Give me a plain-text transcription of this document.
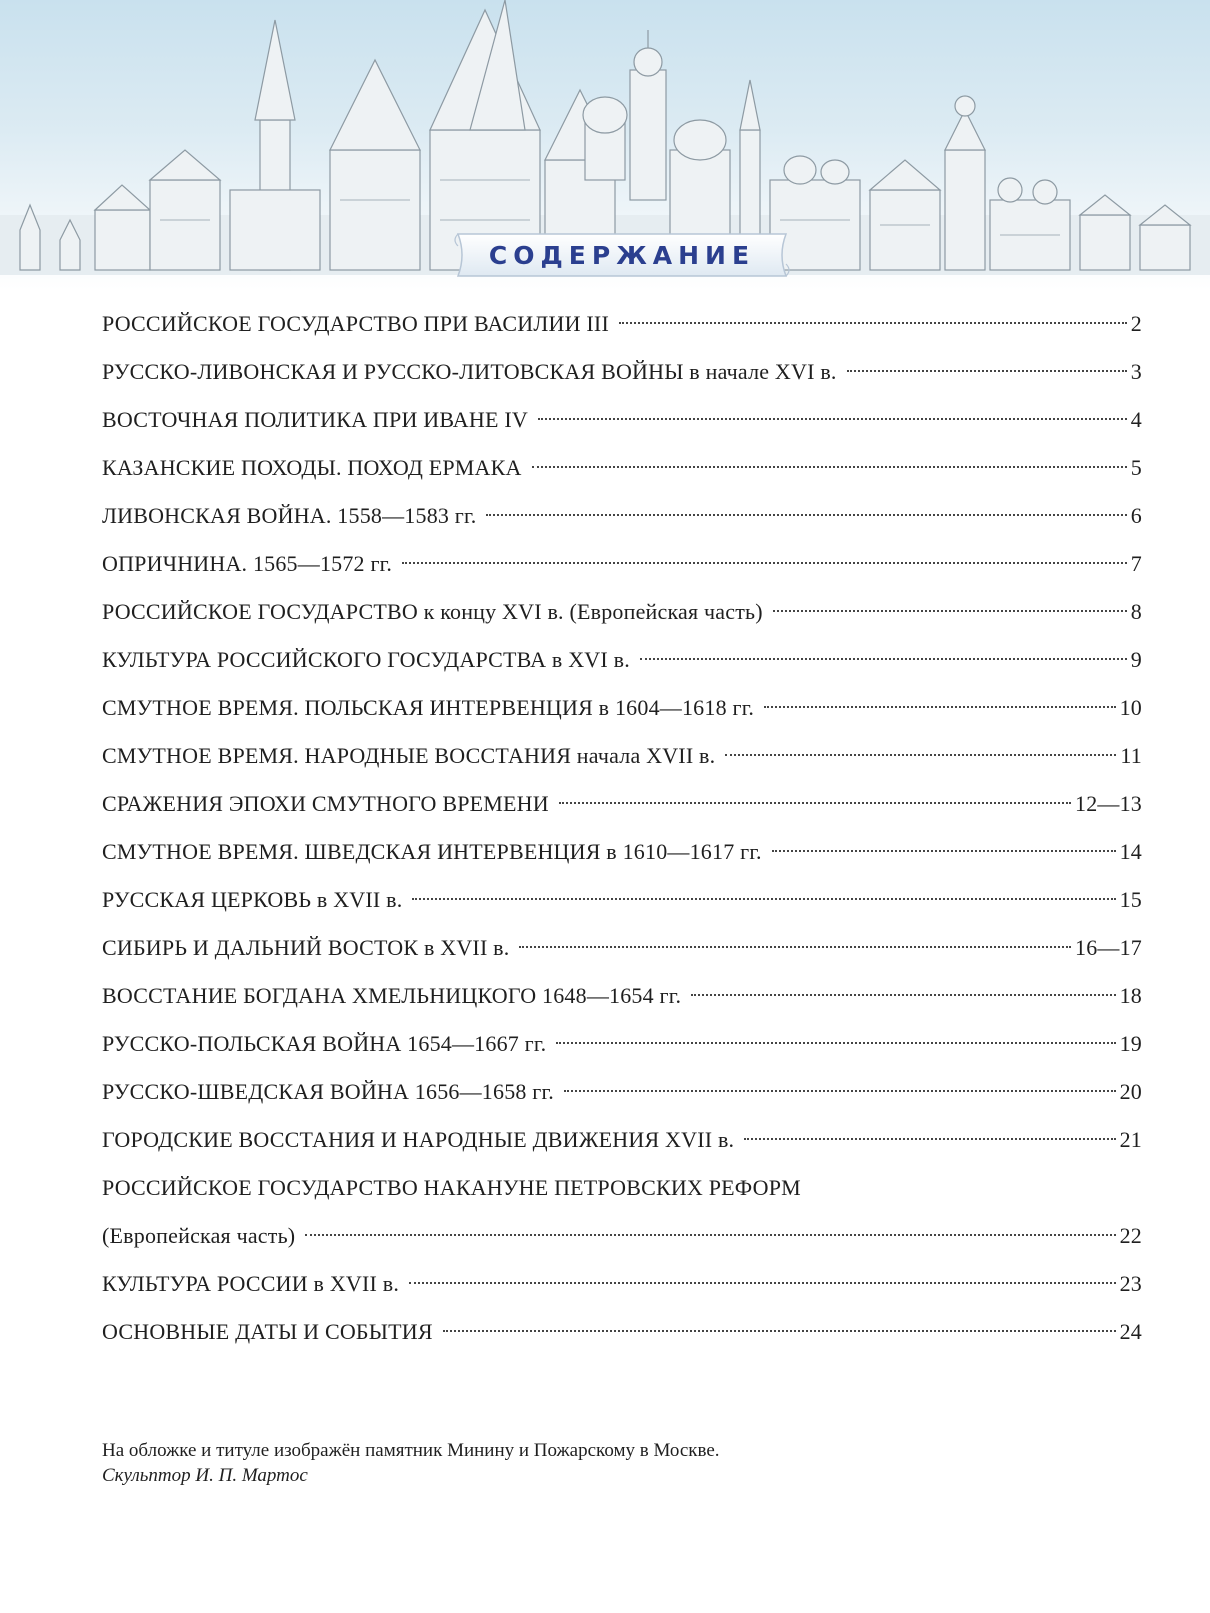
СОДЕРЖАНИЕ
РОССИЙСКОЕ ГОСУДАРСТВО ПРИ ВАСИЛИИ III	2
РУССКО-ЛИВОНСКАЯ И РУССКО-ЛИТОВСКАЯ ВОЙНЫ в начале XVI в.	3
ВОСТОЧНАЯ ПОЛИТИКА ПРИ ИВАНЕ IV	4
КАЗАНСКИЕ ПОХОДЫ. ПОХОД ЕРМАКА	5
ЛИВОНСКАЯ ВОЙНА. 1558—1583 гг.	6
ОПРИЧНИНА. 1565—1572 гг.	7
РОССИЙСКОЕ ГОСУДАРСТВО к концу XVI в. (Европейская часть)	8
КУЛЬТУРА РОССИЙСКОГО ГОСУДАРСТВА в XVI в.	9
СМУТНОЕ ВРЕМЯ. ПОЛЬСКАЯ ИНТЕРВЕНЦИЯ в 1604—1618 гг.	10
СМУТНОЕ ВРЕМЯ. НАРОДНЫЕ ВОССТАНИЯ начала XVII в.	11
СРАЖЕНИЯ ЭПОХИ СМУТНОГО ВРЕМЕНИ	12—13
СМУТНОЕ ВРЕМЯ. ШВЕДСКАЯ ИНТЕРВЕНЦИЯ в 1610—1617 гг.	14
РУССКАЯ ЦЕРКОВЬ в XVII в.	15
СИБИРЬ И ДАЛЬНИЙ ВОСТОК в XVII в.	16—17
ВОССТАНИЕ БОГДАНА ХМЕЛЬНИЦКОГО 1648—1654 гг.	18
РУССКО-ПОЛЬСКАЯ ВОЙНА 1654—1667 гг.	19
РУССКО-ШВЕДСКАЯ ВОЙНА 1656—1658 гг.	20
ГОРОДСКИЕ ВОССТАНИЯ И НАРОДНЫЕ ДВИЖЕНИЯ XVII в.	21
РОССИЙСКОЕ ГОСУДАРСТВО НАКАНУНЕ ПЕТРОВСКИХ РЕФОРМ
(Европейская часть)	22
КУЛЬТУРА РОССИИ в XVII в.	23
ОСНОВНЫЕ ДАТЫ И СОБЫТИЯ	24
На обложке и титуле изображён памятник Минину и Пожарскому в Москве.
Скульптор И. П. Мартос
